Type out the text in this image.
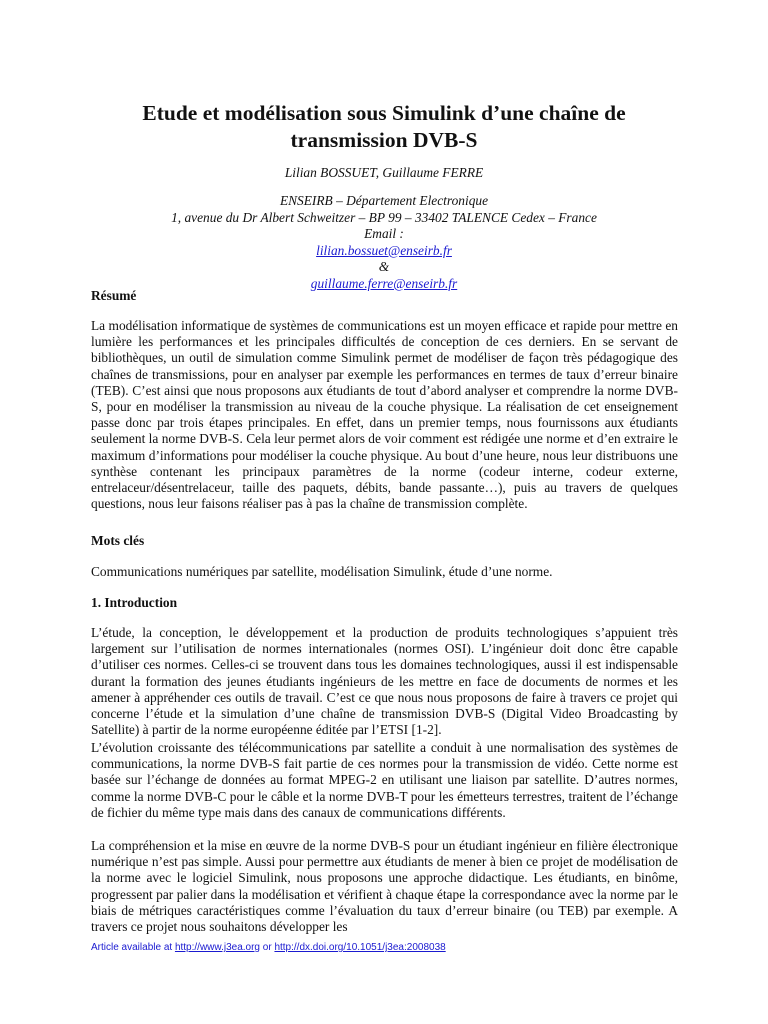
Etude et modélisation sous Simulink d’une chaîne de
transmission DVB-S
Lilian BOSSUET, Guillaume FERRE
ENSEIRB – Département Electronique
1, avenue du Dr Albert Schweitzer – BP 99 – 33402 TALENCE Cedex – France
Email :
lilian.bossuet@enseirb.fr
&
guillaume.ferre@enseirb.fr
Résumé

La modélisation informatique de systèmes de communications est un moyen efficace et rapide pour mettre en lumière les performances et les principales difficultés de conception de ces derniers. En se servant de bibliothèques, un outil de simulation comme Simulink permet de modéliser de façon très pédagogique des chaînes de transmissions, pour en analyser par exemple les performances en termes de taux d’erreur binaire (TEB). C’est ainsi que nous proposons aux étudiants de tout d’abord analyser et comprendre la norme DVB-S, pour en modéliser la transmission au niveau de la couche physique. La réalisation de cet enseignement passe donc par trois étapes principales. En effet, dans un premier temps, nous fournissons aux étudiants seulement la norme DVB-S. Cela leur permet alors de voir comment est rédigée une norme et d’en extraire le maximum d’informations pour modéliser la couche physique. Au bout d’une heure, nous leur distribuons une synthèse contenant les principaux paramètres de la norme (codeur interne, codeur externe, entrelaceur/désentrelaceur, taille des paquets, débits, bande passante…), puis au travers de quelques questions, nous leur faisons réaliser pas à pas la chaîne de transmission complète.

Mots clés

Communications numériques par satellite, modélisation Simulink, étude d’une norme.

1. Introduction

L’étude, la conception, le développement et la production de produits technologiques s’appuient très largement sur l’utilisation de normes internationales (normes OSI). L’ingénieur doit donc être capable d’utiliser ces normes. Celles-ci se trouvent dans tous les domaines technologiques, aussi il est indispensable durant la formation des jeunes étudiants ingénieurs de les mettre en face de documents de normes et les amener à appréhender ces outils de travail. C’est ce que nous nous proposons de faire à travers ce projet qui concerne l’étude et la simulation d’une chaîne de transmission DVB-S (Digital Video Broadcasting by Satellite) à partir de la norme européenne éditée par l’ETSI [1-2].

L’évolution croissante des télécommunications par satellite a conduit à une normalisation des systèmes de communications, la norme DVB-S fait partie de ces normes pour la transmission de vidéo. Cette norme est basée sur l’échange de données au format MPEG-2 en utilisant une liaison par satellite. D’autres normes, comme la norme DVB-C pour le câble et la norme DVB-T pour les émetteurs terrestres, traitent de l’échange de fichier du même type mais dans des canaux de communications différents.

La compréhension et la mise en œuvre de la norme DVB-S pour un étudiant ingénieur en filière électronique numérique n’est pas simple. Aussi pour permettre aux étudiants de mener à bien ce projet de modélisation de la norme avec le logiciel Simulink, nous proposons une approche didactique. Les étudiants, en binôme, progressent par palier dans la modélisation et vérifient à chaque étape la correspondance avec la norme par le biais de métriques caractéristiques comme l’évaluation du taux d’erreur binaire (ou TEB) par exemple. A travers ce projet nous souhaitons développer les

Article available at http://www.j3ea.org or http://dx.doi.org/10.1051/j3ea:2008038
